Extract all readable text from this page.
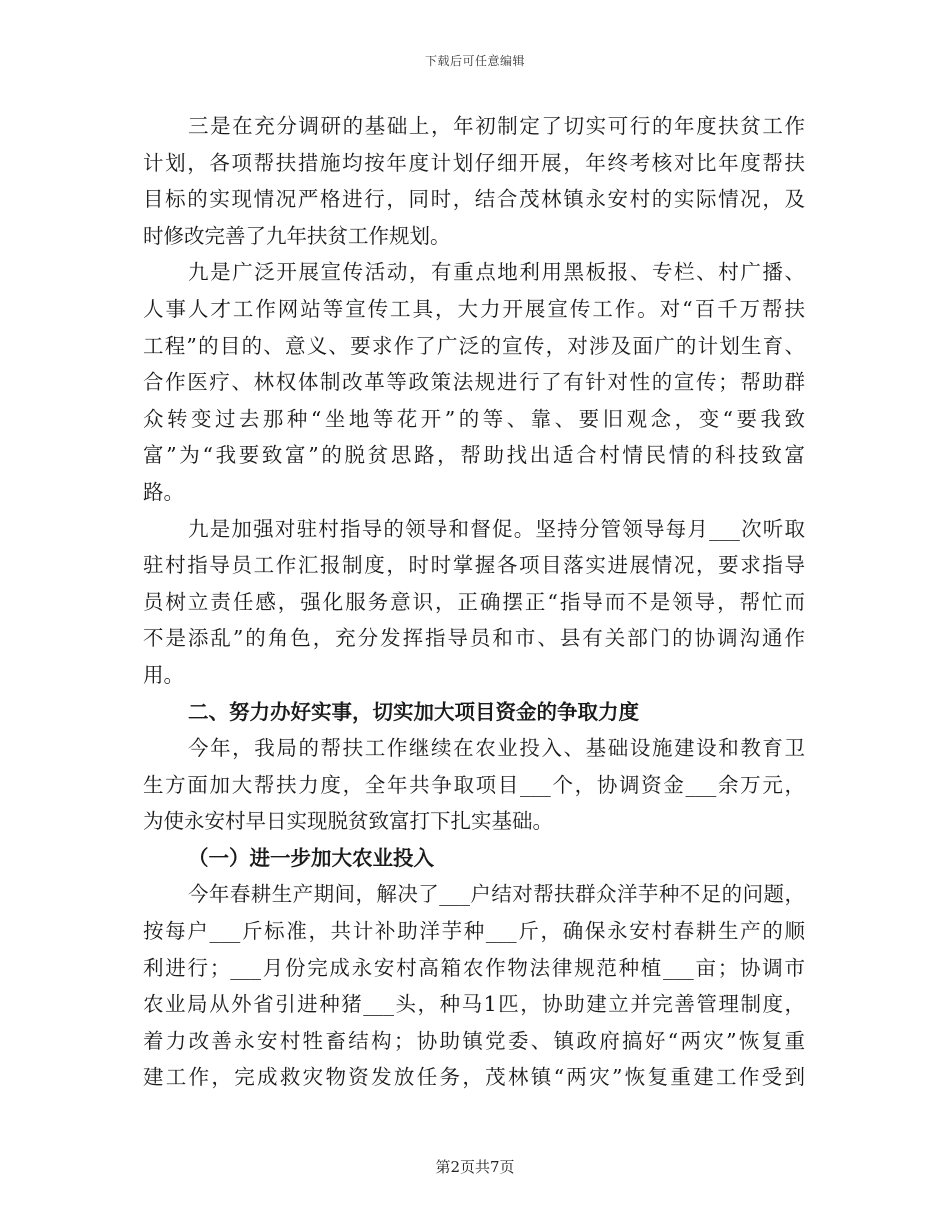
下载后可任意编辑
三是在充分调研的基础上，年初制定了切实可行的年度扶贫工作
计划，各项帮扶措施均按年度计划仔细开展，年终考核对比年度帮扶
目标的实现情况严格进行，同时，结合茂林镇永安村的实际情况，及
时修改完善了九年扶贫工作规划。
九是广泛开展宣传活动，有重点地利用黑板报、专栏、村广播、
人事人才工作网站等宣传工具，大力开展宣传工作。对“百千万帮扶
工程”的目的、意义、要求作了广泛的宣传，对涉及面广的计划生育、
合作医疗、林权体制改革等政策法规进行了有针对性的宣传；帮助群
众转变过去那种“坐地等花开”的等、靠、要旧观念，变“要我致
富”为“我要致富”的脱贫思路，帮助找出适合村情民情的科技致富
路。
九是加强对驻村指导的领导和督促。坚持分管领导每月___次听取
驻村指导员工作汇报制度，时时掌握各项目落实进展情况，要求指导
员树立责任感，强化服务意识，正确摆正“指导而不是领导，帮忙而
不是添乱”的角色，充分发挥指导员和市、县有关部门的协调沟通作
用。
二、努力办好实事，切实加大项目资金的争取力度
今年，我局的帮扶工作继续在农业投入、基础设施建设和教育卫
生方面加大帮扶力度，全年共争取项目___个，协调资金___余万元，
为使永安村早日实现脱贫致富打下扎实基础。
（一）进一步加大农业投入
今年春耕生产期间，解决了___户结对帮扶群众洋芋种不足的问题，
按每户___斤标准，共计补助洋芋种___斤，确保永安村春耕生产的顺
利进行；___月份完成永安村高箱农作物法律规范种植___亩；协调市
农业局从外省引进种猪___头，种马1匹，协助建立并完善管理制度，
着力改善永安村牲畜结构；协助镇党委、镇政府搞好“两灾”恢复重
建工作，完成救灾物资发放任务，茂林镇“两灾”恢复重建工作受到
第2页共7页
